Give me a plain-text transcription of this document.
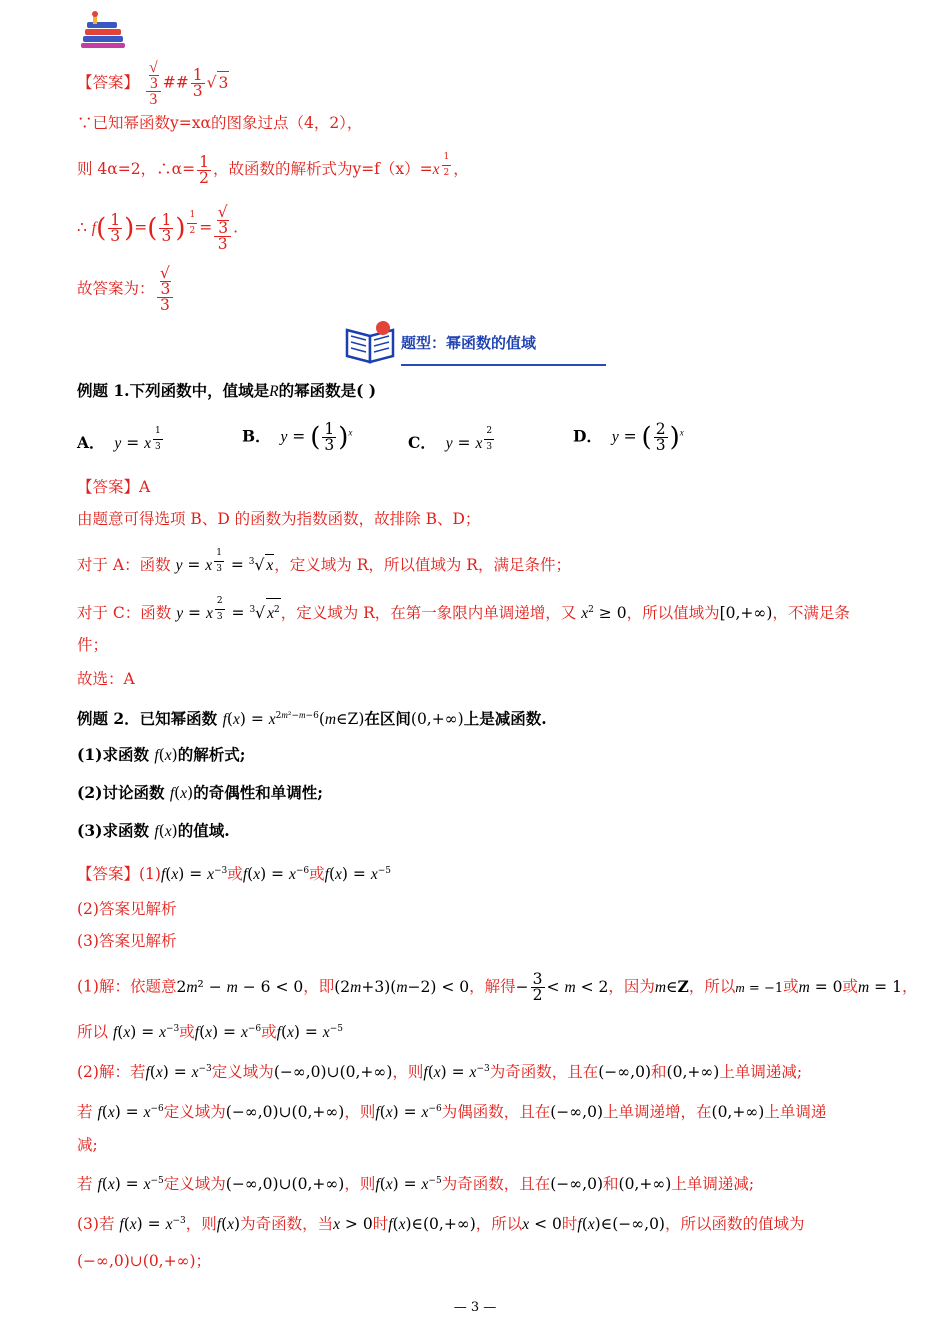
【答案】 √
3
3 ## $\frac{1}{3}$ √ 3
∵已知幂函数y=xα的图象过点（4，2），
则 4α=2，∴α= $\frac{1}{2}$ ，故函数的解析式为y=f（x）=x $^{\frac{1}{2}}$ ，
∴ $f( \frac{1}{3}$ )=( $\frac{1}{3}$ ) $^{\frac{1}{2}}$ = √
3
3 .
故答案为： √
3
3
题型：幂函数的值域
例题 1.下列函数中，值域是R的幂函数是( )
A． y = x $^{\frac{1}{3}}$	B． y = ( $\frac{1}{3} )^x$
C． y = x $^{\frac{2}{3}}$	D． y = ( $\frac{2}{3} )^x$
【答案】A
由题意可得选项 B、D 的函数为指数函数，故排除 B、D；
对于 A：函数 y = x $^{\frac{1}{3}}$ = $^3$√ x，定义域为 R，所以值域为 R，满足条件；
对于 C：函数 y = x $^{\frac{2}{3}}$ = $^3$√ $x^2$，定义域为 R，在第一象限内单调递增，又 $x^2 \ge 0$，所以值域为[0,+∞)，不满足条
件；
故选：A
例题 2．已知幂函数 $f(x) = x^{2m^2-m-6}(m\in Z)$在区间(0,+∞)上是减函数.
(1)求函数 f(x)的解析式;
(2)讨论函数 f(x)的奇偶性和单调性;
(3)求函数 f(x)的值域.
【答案】$(1)f(x) = x^{-3}$或$f(x) = x^{-6}$或$f(x) = x^{-5}$
(2)答案见解析
(3)答案见解析
(1)解：依题意2m² − m − 6 < 0，即(2m+3)(m−2) < 0，解得− $\frac{3}{2} < m < 2$，因为m∈Z，所以m = −1或m = 0或m = 1，
所以 $f(x) = x^{-3}$或$f(x) = x^{-6}$或$f(x) = x^{-5}$
(2)解：若$f(x) = x^{-3}$定义域为(−∞,0)∪(0,+∞)，则$f(x) = x^{-3}$为奇函数，且在(−∞,0)和(0,+∞)上单调递减;
若 $f(x) = x^{-6}$定义域为(−∞,0)∪(0,+∞)，则$f(x) = x^{-6}$为偶函数，且在(−∞,0)上单调递增，在(0,+∞)上单调递
减;
若 $f(x) = x^{-5}$定义域为(−∞,0)∪(0,+∞)，则$f(x) = x^{-5}$为奇函数，且在(−∞,0)和(0,+∞)上单调递减;
(3)若 $f(x) = x^{-3}$，则f(x)为奇函数，当x > 0时f(x)∈(0,+∞)，所以x < 0时f(x)∈(−∞,0)，所以函数的值域为
(−∞,0)∪(0,+∞)；
— 3 —
